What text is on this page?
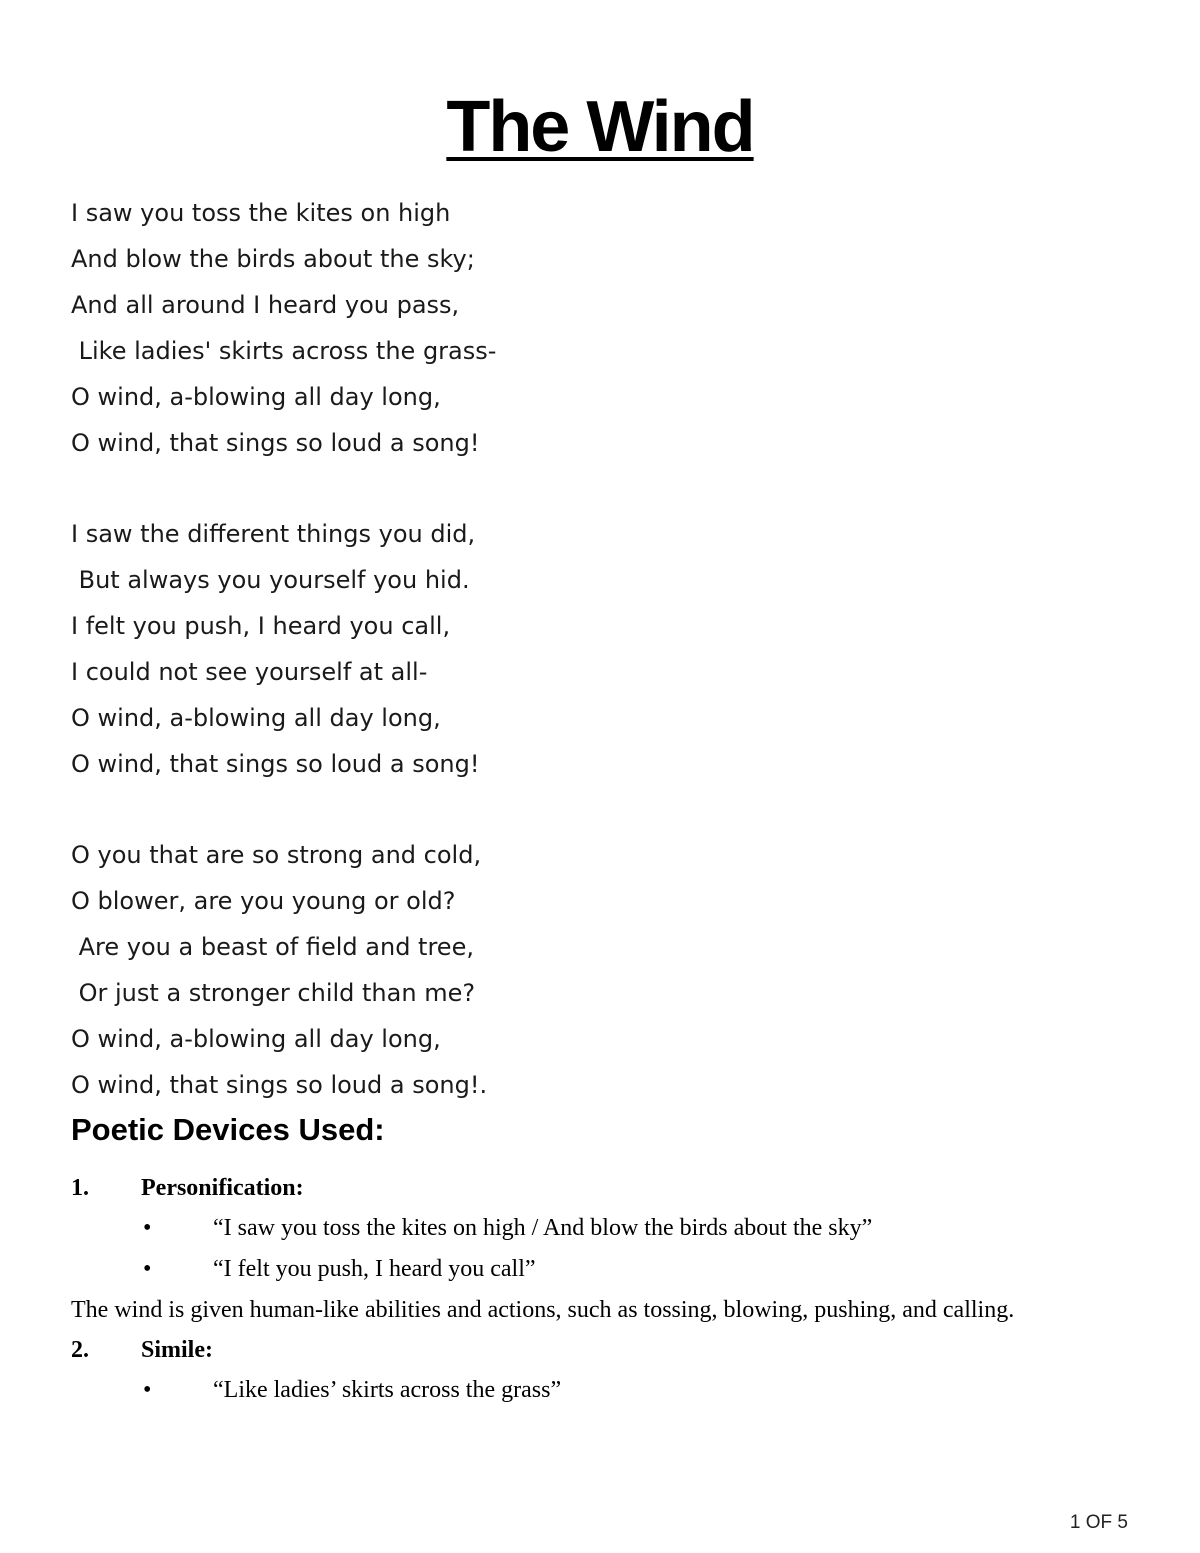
The Wind
I saw you toss the kites on high
And blow the birds about the sky;
And all around I heard you pass,
Like ladies' skirts across the grass-
O wind, a-blowing all day long,
O wind, that sings so loud a song!
I saw the different things you did,
But always you yourself you hid.
I felt you push, I heard you call,
I could not see yourself at all-
O wind, a-blowing all day long,
O wind, that sings so loud a song!
O you that are so strong and cold,
O blower, are you young or old?
Are you a beast of field and tree,
Or just a stronger child than me?
O wind, a-blowing all day long,
O wind, that sings so loud a song!.
Poetic Devices Used:
1. Personification:
•	“I saw you toss the kites on high / And blow the birds about the sky”
•	“I felt you push, I heard you call”
The wind is given human-like abilities and actions, such as tossing, blowing, pushing, and calling.
2. Simile:
•	“Like ladies’ skirts across the grass”
1 OF 5
